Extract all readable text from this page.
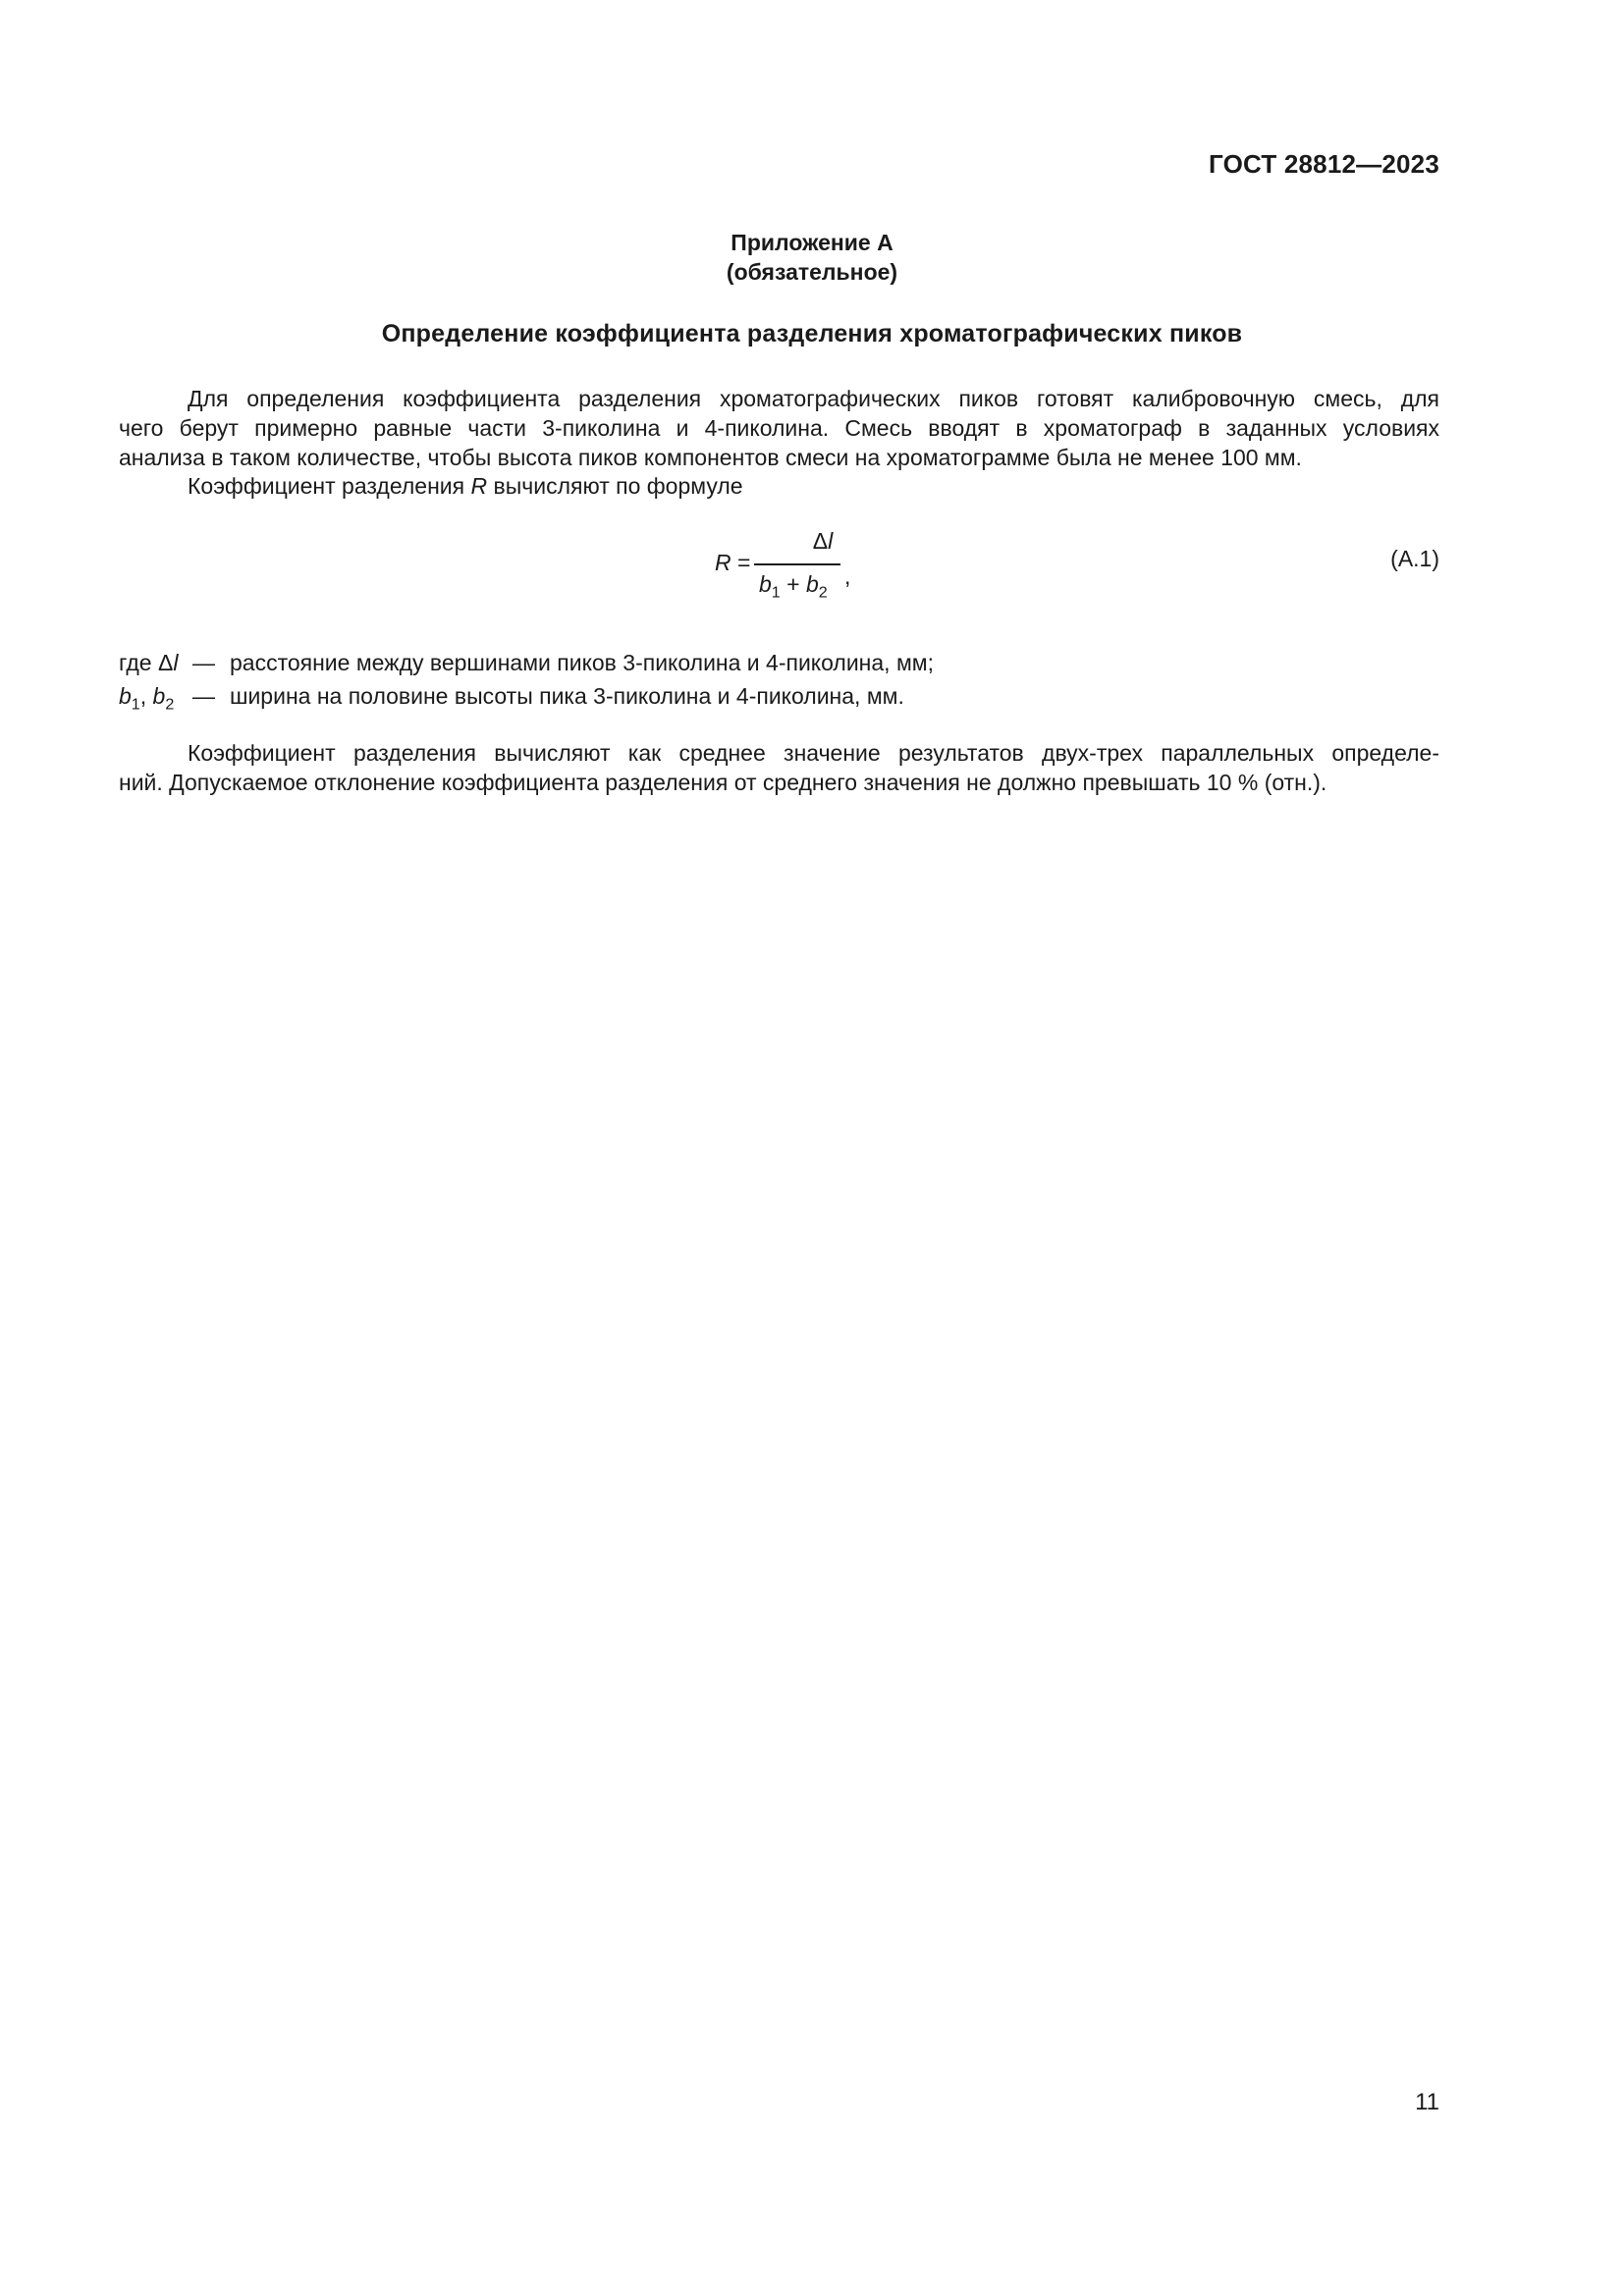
ГОСТ 28812—2023
Приложение А
(обязательное)
Определение коэффициента разделения хроматографических пиков
Для определения коэффициента разделения хроматографических пиков готовят калибровочную смесь, для
чего берут примерно равные части 3-пиколина и 4-пиколина. Смесь вводят в хроматограф в заданных условиях
анализа в таком количестве, чтобы высота пиков компонентов смеси на хроматограмме была не менее 100 мм.
Коэффициент разделения R вычисляют по формуле
R =
Δl
$b_1 + b_2$
,
(А.1)
где Δl — расстояние между вершинами пиков 3-пиколина и 4-пиколина, мм;
$b_1$, $b_2$ — ширина на половине высоты пика 3-пиколина и 4-пиколина, мм.
Коэффициент разделения вычисляют как среднее значение результатов двух-трех параллельных определе-
ний. Допускаемое отклонение коэффициента разделения от среднего значения не должно превышать 10 % (отн.).
11
